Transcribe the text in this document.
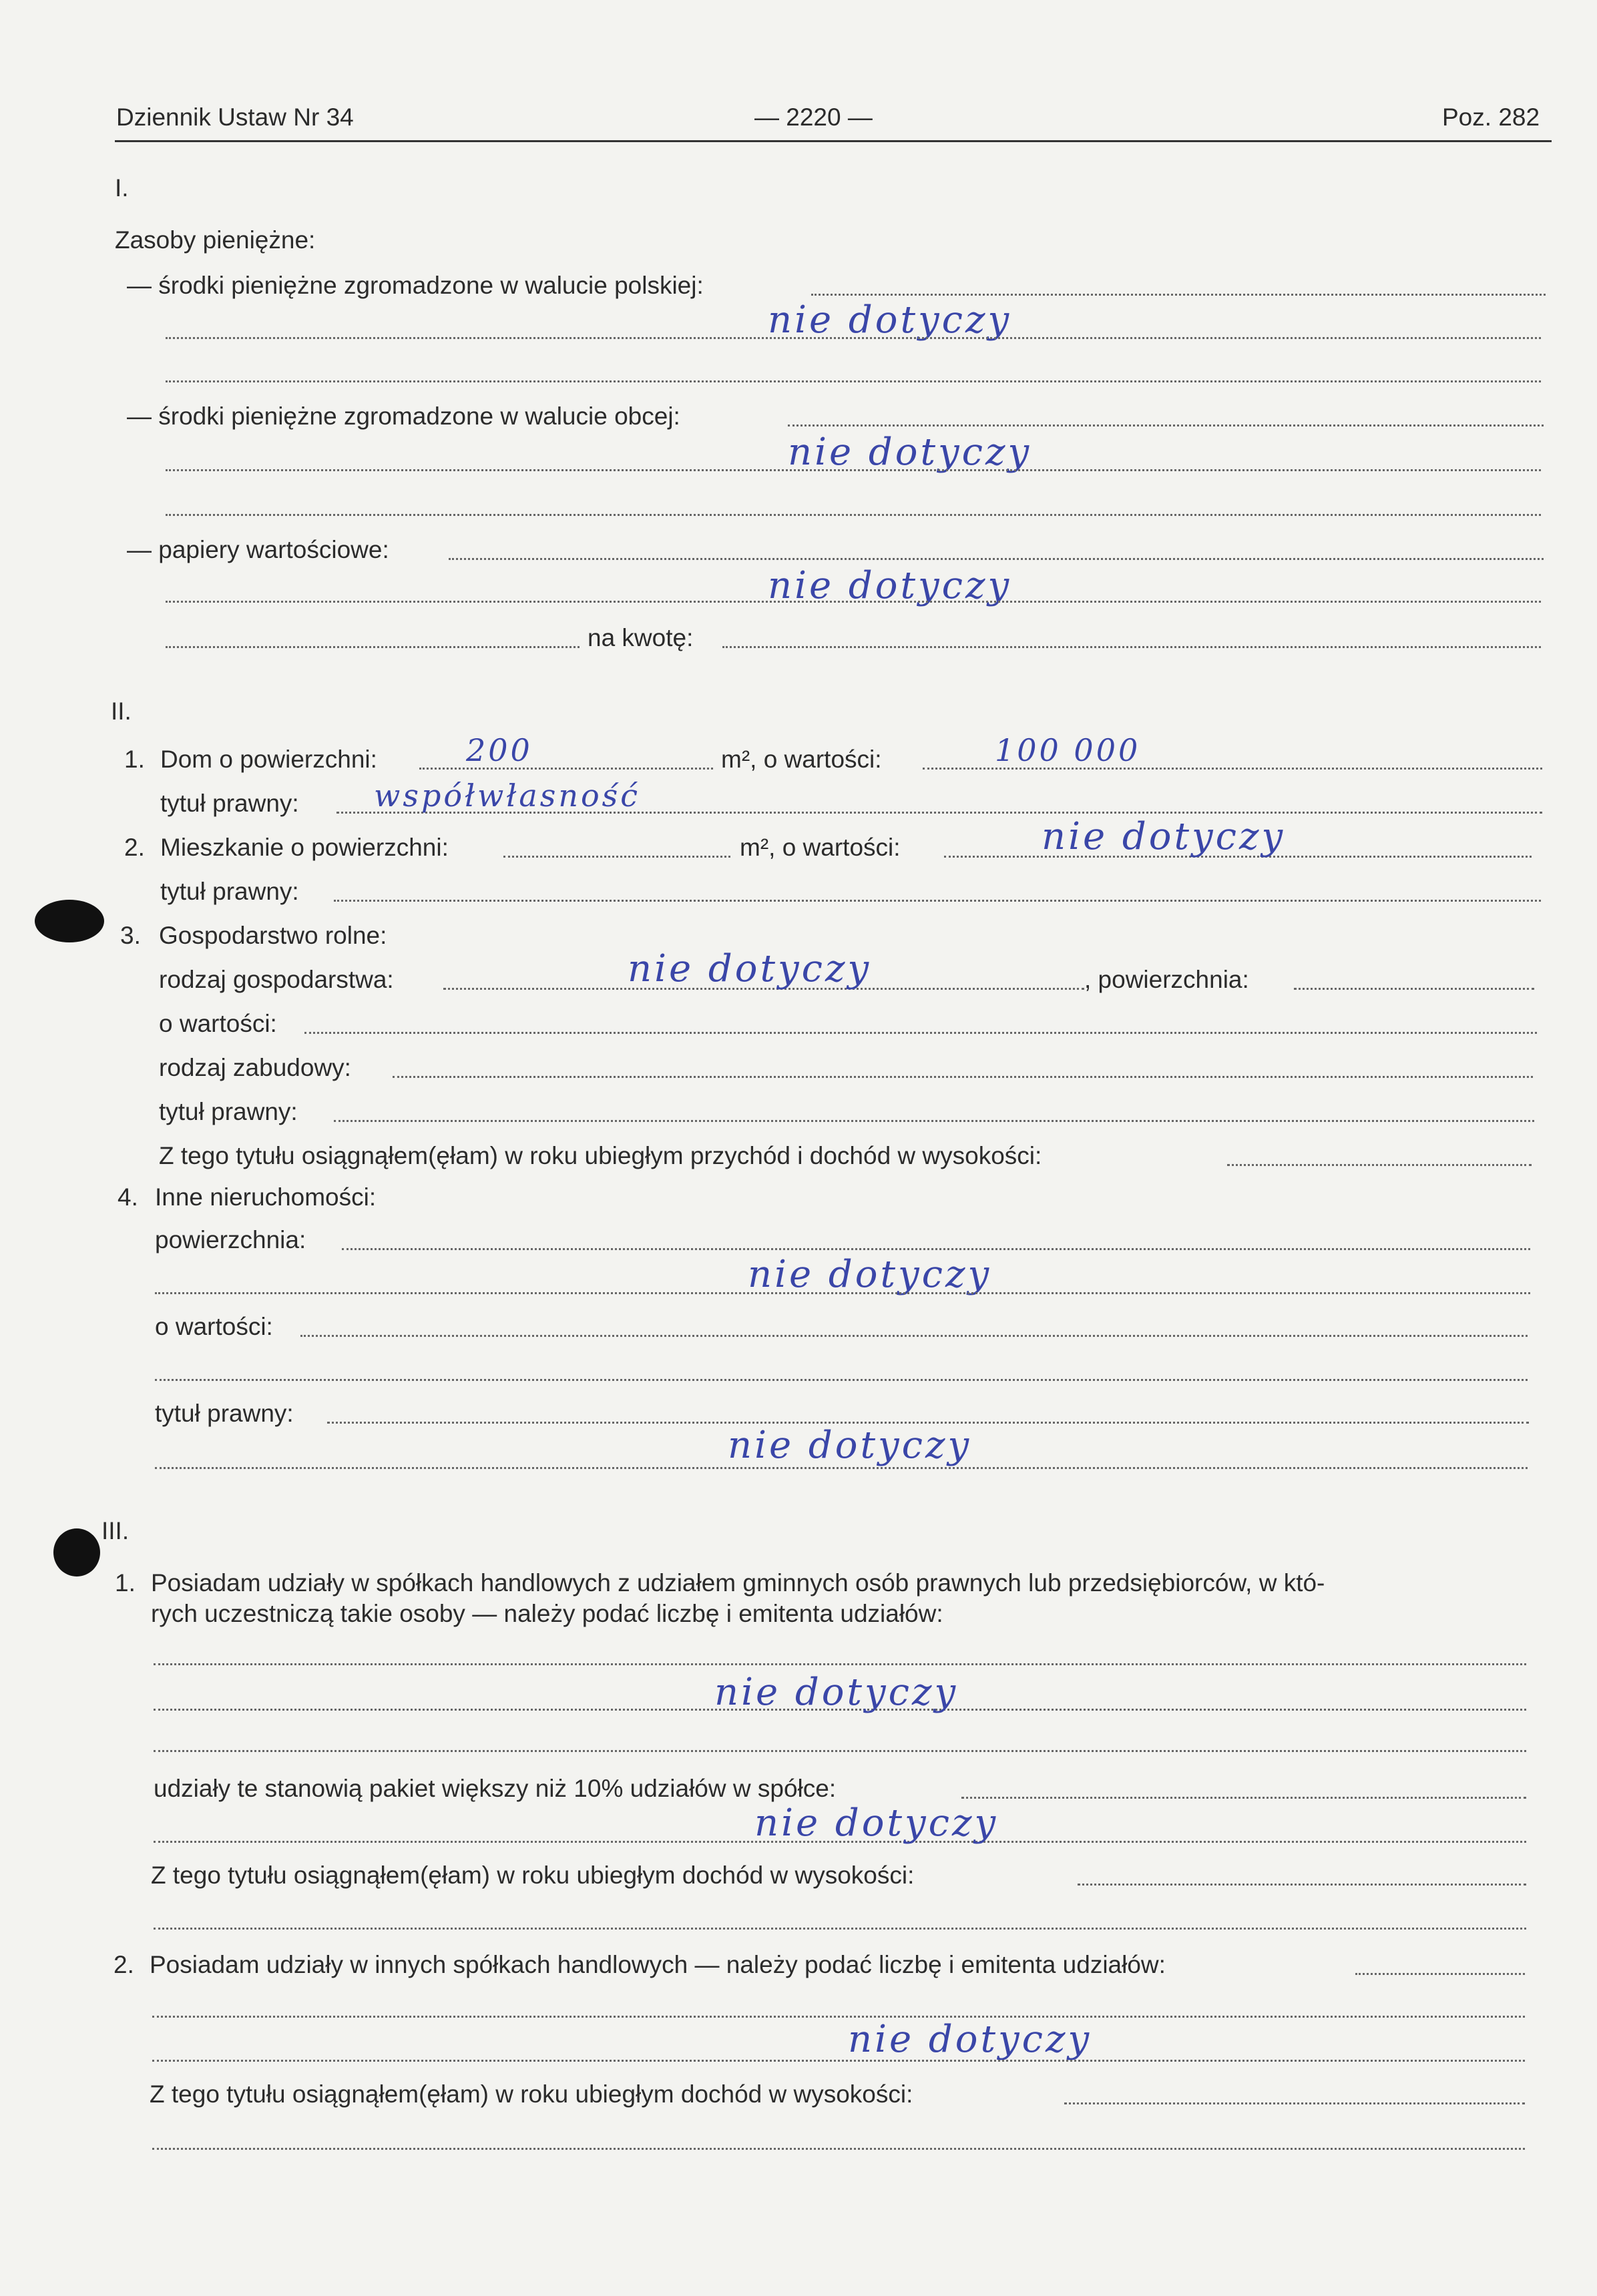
Dziennik Ustaw Nr 34	— 2220 —	Poz. 282
I.
Zasoby pieniężne:
— środki pieniężne zgromadzone w walucie polskiej:
nie dotyczy
— środki pieniężne zgromadzone w walucie obcej:
nie dotyczy
— papiery wartościowe:
nie dotyczy
na kwotę:
II.
1. Dom o powierzchni:	200	m², o wartości:	100 000
tytuł prawny: współwłasność
2. Mieszkanie o powierzchni:	m², o wartości:	nie dotyczy
tytuł prawny:
3. Gospodarstwo rolne:
rodzaj gospodarstwa:	nie dotyczy	, powierzchnia:
o wartości:
rodzaj zabudowy:
tytuł prawny:
Z tego tytułu osiągnąłem(ęłam) w roku ubiegłym przychód i dochód w wysokości:
4. Inne nieruchomości:
powierzchnia:
nie dotyczy
o wartości:
tytuł prawny:
nie dotyczy
III.
1. Posiadam udziały w spółkach handlowych z udziałem gminnych osób prawnych lub przedsiębiorców, w któ-
rych uczestniczą takie osoby — należy podać liczbę i emitenta udziałów:
nie dotyczy
udziały te stanowią pakiet większy niż 10% udziałów w spółce:
nie dotyczy
Z tego tytułu osiągnąłem(ęłam) w roku ubiegłym dochód w wysokości:
2. Posiadam udziały w innych spółkach handlowych — należy podać liczbę i emitenta udziałów:
nie dotyczy
Z tego tytułu osiągnąłem(ęłam) w roku ubiegłym dochód w wysokości:
